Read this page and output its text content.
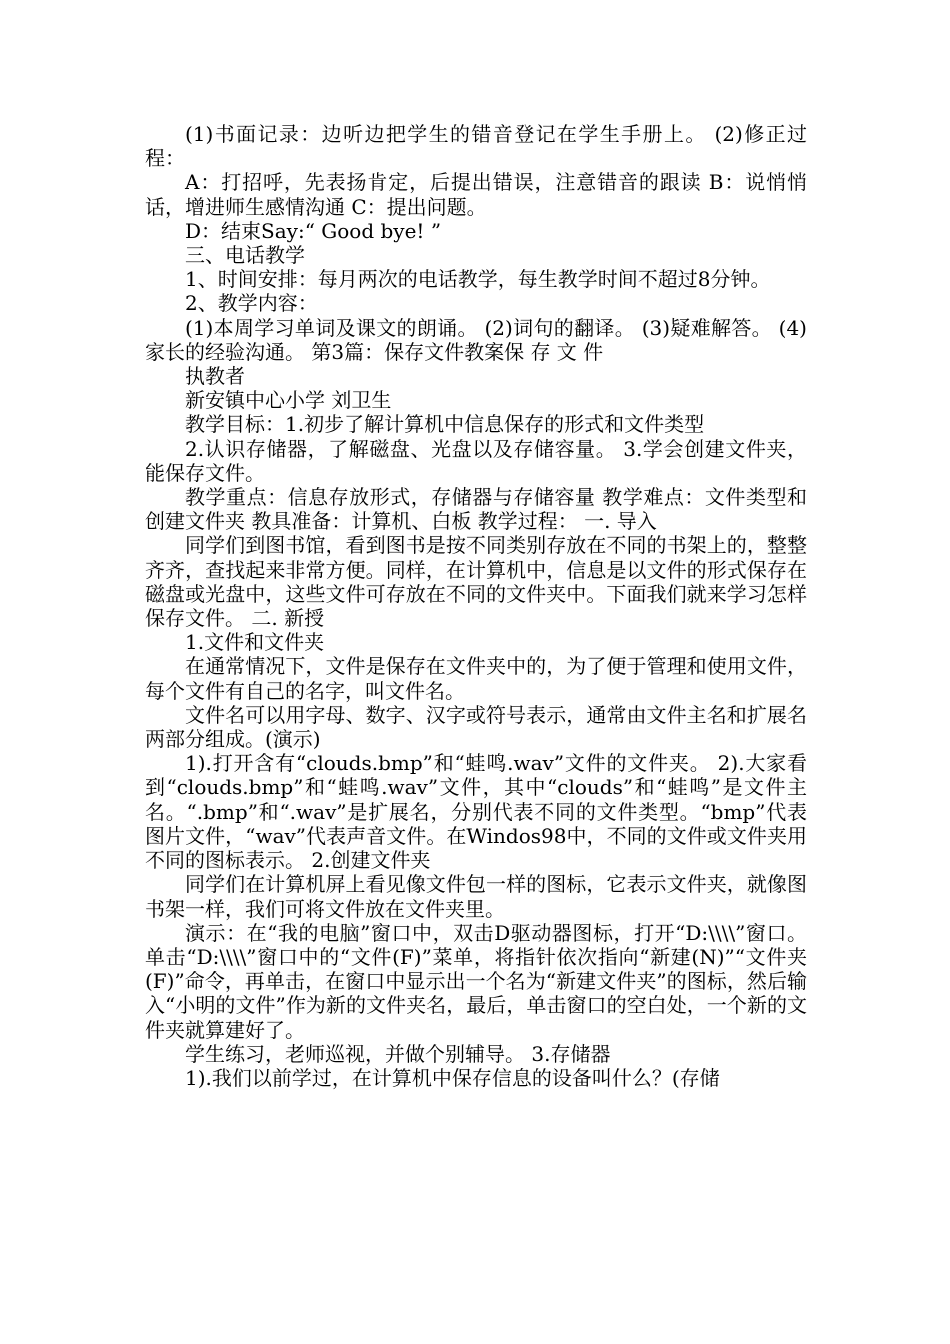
(1)书面记录：边听边把学生的错音登记在学生手册上。 (2)修正过程：

A：打招呼，先表扬肯定，后提出错误，注意错音的跟读 B：说悄悄话，增进师生感情沟通 C：提出问题。

D：结束Say:“ Good bye! ”

三、电话教学

1、时间安排：每月两次的电话教学，每生教学时间不超过8分钟。

2、教学内容：

(1)本周学习单词及课文的朗诵。 (2)词句的翻译。 (3)疑难解答。 (4)家长的经验沟通。 第3篇：保存文件教案保 存 文 件

执教者

新安镇中心小学 刘卫生

教学目标：1.初步了解计算机中信息保存的形式和文件类型

2.认识存储器，了解磁盘、光盘以及存储容量。 3.学会创建文件夹，能保存文件。

教学重点：信息存放形式，存储器与存储容量 教学难点：文件类型和创建文件夹 教具准备：计算机、白板 教学过程： 一. 导入

同学们到图书馆，看到图书是按不同类别存放在不同的书架上的，整整齐齐，查找起来非常方便。同样，在计算机中，信息是以文件的形式保存在磁盘或光盘中，这些文件可存放在不同的文件夹中。下面我们就来学习怎样保存文件。 二. 新授

1.文件和文件夹

在通常情况下，文件是保存在文件夹中的，为了便于管理和使用文件，每个文件有自己的名字，叫文件名。

文件名可以用字母、数字、汉字或符号表示，通常由文件主名和扩展名两部分组成。(演示)

1).打开含有“clouds.bmp”和“蛙鸣.wav”文件的文件夹。 2).大家看到“clouds.bmp”和“蛙鸣.wav”文件，其中“clouds”和“蛙鸣”是文件主名。“.bmp”和“.wav”是扩展名，分别代表不同的文件类型。“bmp”代表图片文件，“wav”代表声音文件。在Windos98中，不同的文件或文件夹用不同的图标表示。 2.创建文件夹

同学们在计算机屏上看见像文件包一样的图标，它表示文件夹，就像图书架一样，我们可将文件放在文件夹里。

演示：在“我的电脑”窗口中，双击D驱动器图标，打开“D:\\\\”窗口。单击“D:\\\\”窗口中的“文件(F)”菜单，将指针依次指向“新建(N)”“文件夹(F)”命令，再单击，在窗口中显示出一个名为“新建文件夹”的图标，然后输入“小明的文件”作为新的文件夹名，最后，单击窗口的空白处，一个新的文件夹就算建好了。

学生练习，老师巡视，并做个别辅导。 3.存储器

1).我们以前学过，在计算机中保存信息的设备叫什么？(存储
